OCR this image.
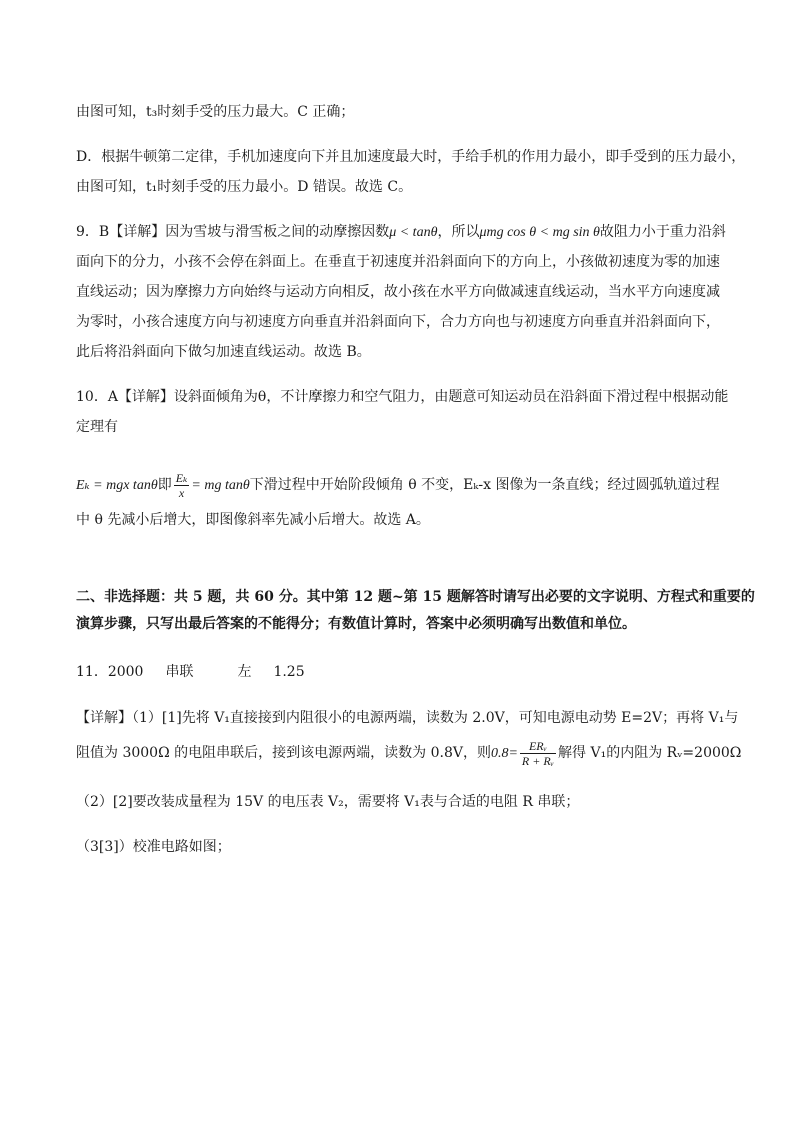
由图可知，t₃时刻手受的压力最大。C 正确；
D．根据牛顿第二定律，手机加速度向下并且加速度最大时，手给手机的作用力最小，即手受到的压力最小，
由图可知，t₁时刻手受的压力最小。D 错误。故选 C。
9．B【详解】因为雪坡与滑雪板之间的动摩擦因数μ < tanθ，所以μmg cos θ < mg sin θ故阻力小于重力沿斜
面向下的分力，小孩不会停在斜面上。在垂直于初速度并沿斜面向下的方向上，小孩做初速度为零的加速
直线运动；因为摩擦力方向始终与运动方向相反，故小孩在水平方向做减速直线运动，当水平方向速度减
为零时，小孩合速度方向与初速度方向垂直并沿斜面向下，合力方向也与初速度方向垂直并沿斜面向下，
此后将沿斜面向下做匀加速直线运动。故选 B。
10．A【详解】设斜面倾角为θ，不计摩擦力和空气阻力，由题意可知运动员在沿斜面下滑过程中根据动能
定理有
Eₖ = mgx tanθ即 $\frac{\text{Eₖ}}{x}$ = mg tanθ下滑过程中开始阶段倾角 θ 不变，Eₖ-x 图像为一条直线；经过圆弧轨道过程
中 θ 先减小后增大，即图像斜率先减小后增大。故选 A。
二、非选择题：共 5 题，共 60 分。其中第 12 题~第 15 题解答时请写出必要的文字说明、方程式和重要的
演算步骤，只写出最后答案的不能得分；有数值计算时，答案中必须明确写出数值和单位。
11．2000 串联	左 1.25
【详解】（1）[1]先将 V₁直接接到内阻很小的电源两端，读数为 2.0V，可知电源电动势 E=2V；再将 V₁与
阻值为 3000Ω 的电阻串联后，接到该电源两端，读数为 0.8V，则$0.8= \frac{\text{ERᵥ}}{\text{R + Rᵥ}}$ 解得 V₁的内阻为 Rᵥ=2000Ω
（2）[2]要改装成量程为 15V 的电压表 V₂，需要将 V₁表与合适的电阻 R 串联；
（3[3]）校准电路如图；
